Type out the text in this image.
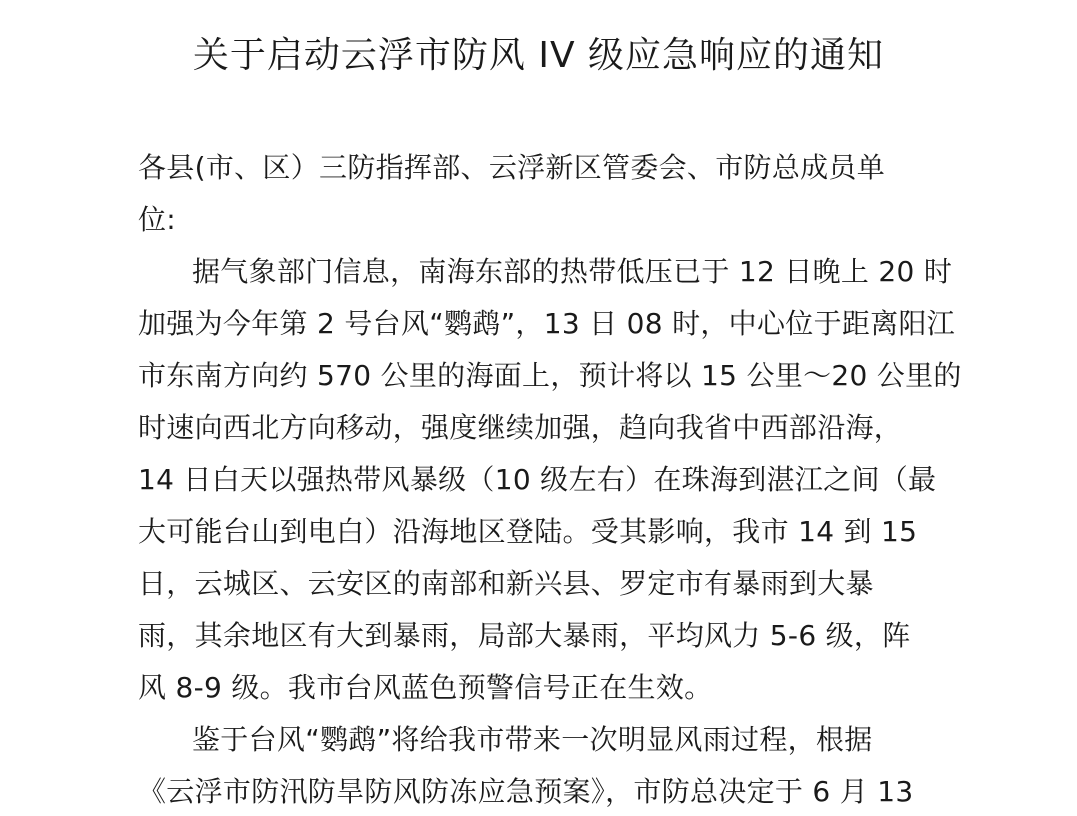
关于启动云浮市防风 IV 级应急响应的通知
各县(市、区）三防指挥部、云浮新区管委会、市防总成员单
位:
据气象部门信息，南海东部的热带低压已于 12 日晚上 20 时
加强为今年第 2 号台风“鹦鹉”，13 日 08 时，中心位于距离阳江
市东南方向约 570 公里的海面上，预计将以 15 公里～20 公里的
时速向西北方向移动，强度继续加强，趋向我省中西部沿海，
14 日白天以强热带风暴级（10 级左右）在珠海到湛江之间（最
大可能台山到电白）沿海地区登陆。受其影响，我市 14 到 15
日，云城区、云安区的南部和新兴县、罗定市有暴雨到大暴
雨，其余地区有大到暴雨，局部大暴雨，平均风力 5-6 级，阵
风 8-9 级。我市台风蓝色预警信号正在生效。
鉴于台风“鹦鹉”将给我市带来一次明显风雨过程，根据
《云浮市防汛防旱防风防冻应急预案》，市防总决定于 6 月 13
